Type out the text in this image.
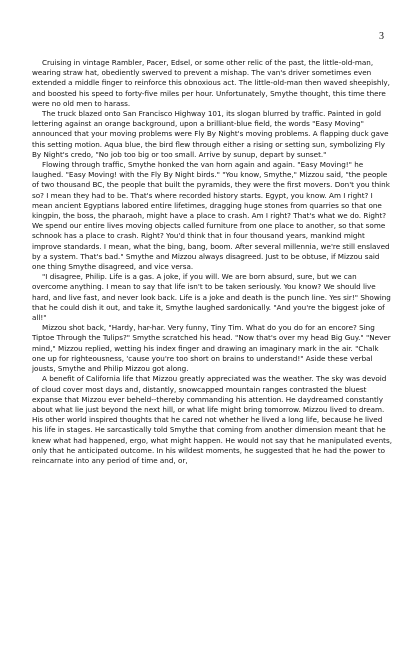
3

Cruising in vintage Rambler, Pacer, Edsel, or some other relic of the past, the little-old-man, wearing straw hat, obediently swerved to prevent a mishap. The van's driver sometimes even extended a middle finger to reinforce this obnoxious act. The little-old-man then waved sheepishly, and boosted his speed to forty-five miles per hour. Unfortunately, Smythe thought, this time there were no old men to harass.

The truck blazed onto San Francisco Highway 101, its slogan blurred by traffic. Painted in gold lettering against an orange background, upon a brilliant-blue field, the words "Easy Moving" announced that your moving problems were Fly By Night's moving problems. A flapping duck gave this setting motion. Aqua blue, the bird flew through either a rising or setting sun, symbolizing Fly By Night's credo, "No job too big or too small. Arrive by sunup, depart by sunset."

Flowing through traffic, Smythe honked the van horn again and again. "Easy Moving!" he laughed. "Easy Moving! with the Fly By Night birds." "You know, Smythe," Mizzou said, "the people of two thousand BC, the people that built the pyramids, they were the first movers. Don't you think so? I mean they had to be. That's where recorded history starts. Egypt, you know. Am I right? I mean ancient Egyptians labored entire lifetimes, dragging huge stones from quarries so that one kingpin, the boss, the pharaoh, might have a place to crash. Am I right? That's what we do. Right? We spend our entire lives moving objects called furniture from one place to another, so that some schnook has a place to crash. Right? You'd think that in four thousand years, mankind might improve standards. I mean, what the bing, bang, boom. After several millennia, we're still enslaved by a system. That's bad." Smythe and Mizzou always disagreed. Just to be obtuse, if Mizzou said one thing Smythe disagreed, and vice versa.

"I disagree, Philip. Life is a gas. A joke, if you will. We are born absurd, sure, but we can overcome anything. I mean to say that life isn't to be taken seriously. You know? We should live hard, and live fast, and never look back. Life is a joke and death is the punch line. Yes sir!" Showing that he could dish it out, and take it, Smythe laughed sardonically. "And you're the biggest joke of all!"

Mizzou shot back, "Hardy, har-har. Very funny, Tiny Tim. What do you do for an encore? Sing Tiptoe Through the Tulips?" Smythe scratched his head. "Now that's over my head Big Guy." "Never mind," Mizzou replied, wetting his index finger and drawing an imaginary mark in the air. "Chalk one up for righteousness, 'cause you're too short on brains to understand!" Aside these verbal jousts, Smythe and Philip Mizzou got along.

A benefit of California life that Mizzou greatly appreciated was the weather. The sky was devoid of cloud cover most days and, distantly, snowcapped mountain ranges contrasted the bluest expanse that Mizzou ever beheld--thereby commanding his attention. He daydreamed constantly about what lie just beyond the next hill, or what life might bring tomorrow. Mizzou lived to dream. His other world inspired thoughts that he cared not whether he lived a long life, because he lived his life in stages. He sarcastically told Smythe that coming from another dimension meant that he knew what had happened, ergo, what might happen. He would not say that he manipulated events, only that he anticipated outcome. In his wildest moments, he suggested that he had the power to reincarnate into any period of time and, or,
